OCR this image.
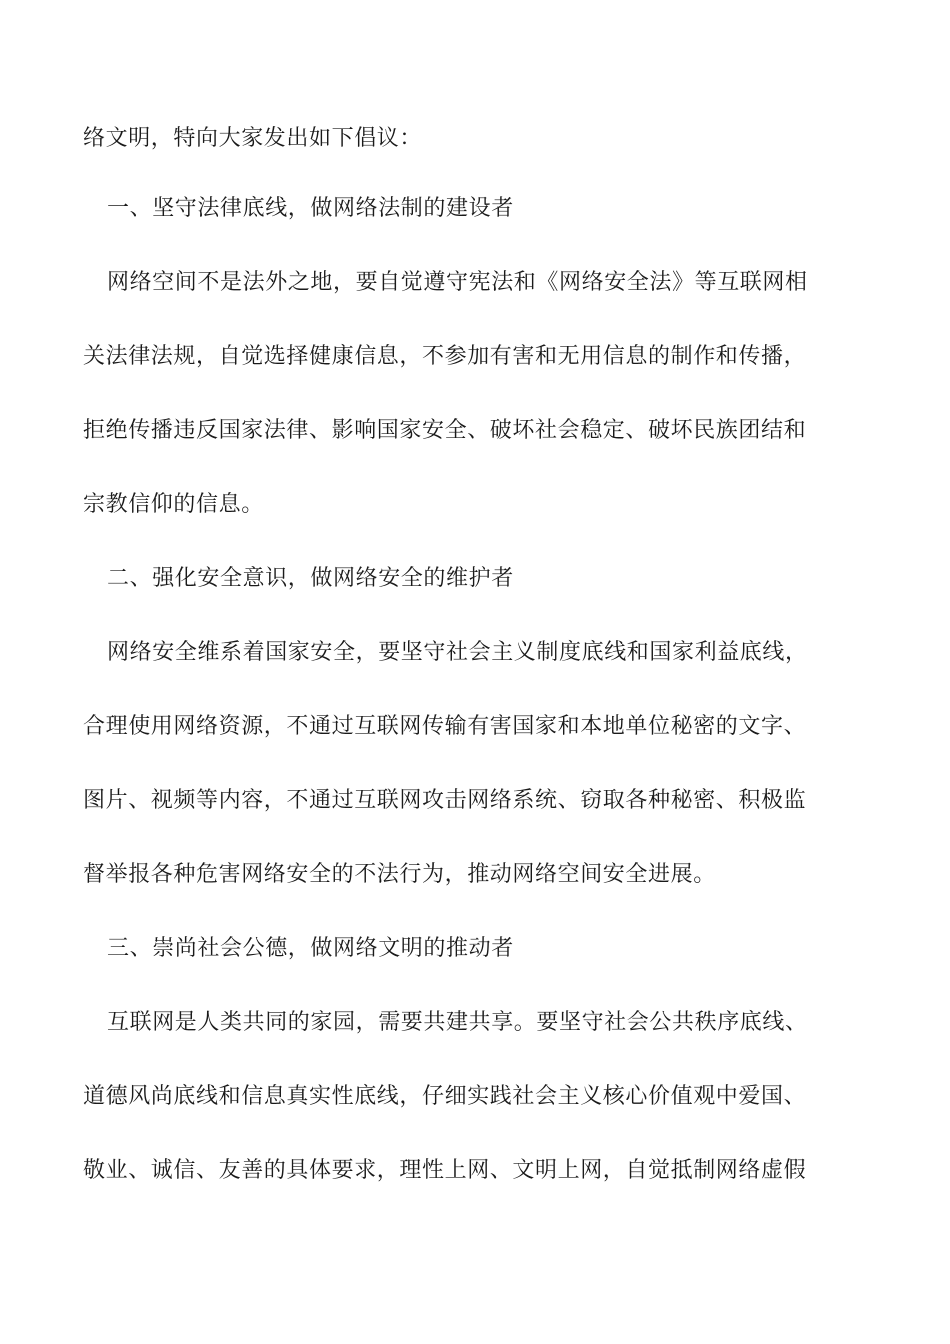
络文明，特向大家发出如下倡议：
一、坚守法律底线，做网络法制的建设者
网络空间不是法外之地，要自觉遵守宪法和《网络安全法》等互联网相
关法律法规，自觉选择健康信息，不参加有害和无用信息的制作和传播，
拒绝传播违反国家法律、影响国家安全、破坏社会稳定、破坏民族团结和
宗教信仰的信息。
二、强化安全意识，做网络安全的维护者
网络安全维系着国家安全，要坚守社会主义制度底线和国家利益底线，
合理使用网络资源，不通过互联网传输有害国家和本地单位秘密的文字、
图片、视频等内容，不通过互联网攻击网络系统、窃取各种秘密、积极监
督举报各种危害网络安全的不法行为，推动网络空间安全进展。
三、崇尚社会公德，做网络文明的推动者
互联网是人类共同的家园，需要共建共享。要坚守社会公共秩序底线、
道德风尚底线和信息真实性底线，仔细实践社会主义核心价值观中爱国、
敬业、诚信、友善的具体要求，理性上网、文明上网，自觉抵制网络虚假
